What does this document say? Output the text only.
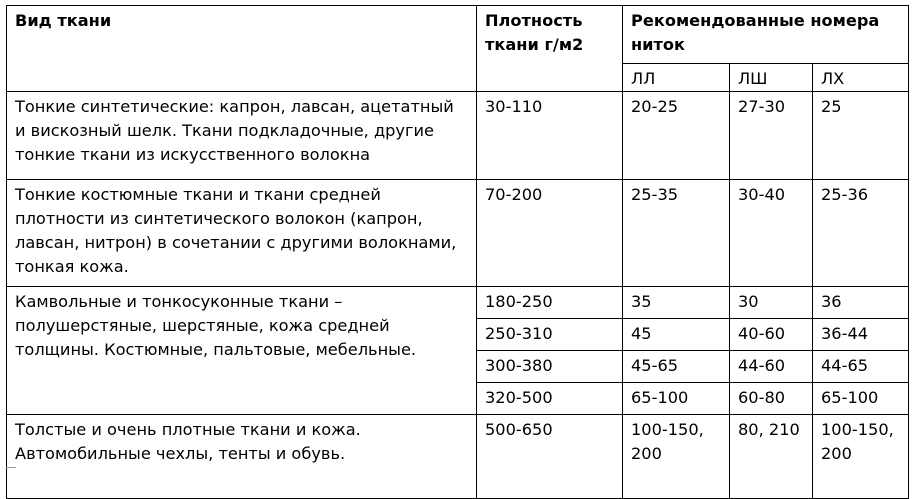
Вид ткани	Плотность ткани г/м2	Рекомендованные номера ниток		
		ЛЛ	ЛШ	ЛХ
Тонкие синтетические: капрон, лавсан, ацетатный и вискозный шелк. Ткани подкладочные, другие тонкие ткани из искусственного волокна	30-110	20-25	27-30	25
Тонкие костюмные ткани и ткани средней плотности из синтетического волокон (капрон, лавсан, нитрон) в сочетании с другими волокнами, тонкая кожа.	70-200	25-35	30-40	25-36
Камвольные и тонкосуконные ткани – полушерстяные, шерстяные, кожа средней толщины. Костюмные, пальтовые, мебельные.	180-250	35	30	36
	250-310	45	40-60	36-44
	300-380	45-65	44-60	44-65
	320-500	65-100	60-80	65-100
Толстые и очень плотные ткани и кожа. Автомобильные чехлы, тенты и обувь.	500-650	100-150, 200	80, 210	100-150, 200
